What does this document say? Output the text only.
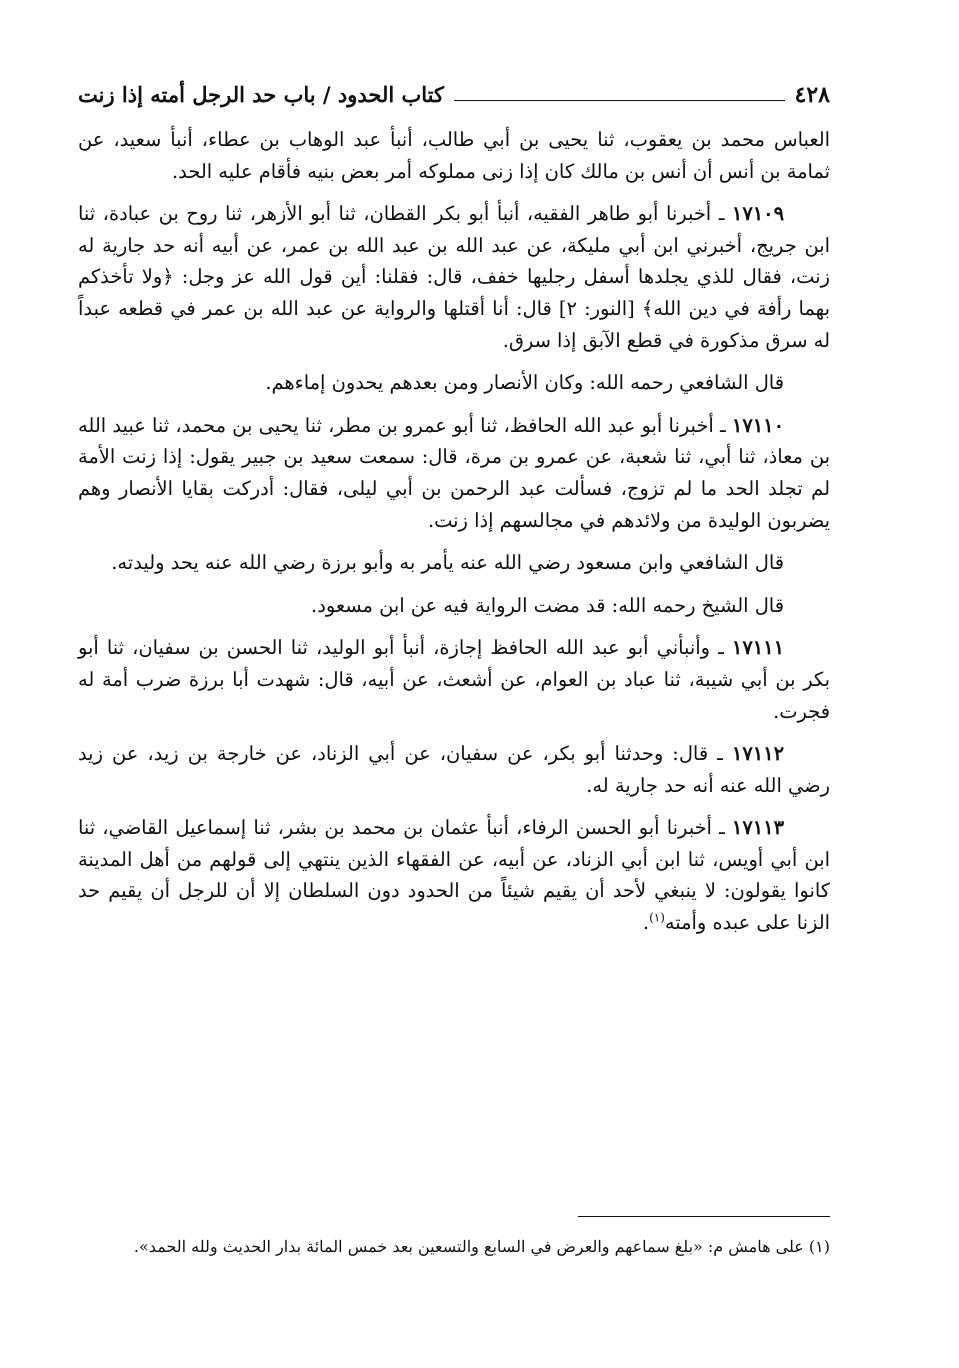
٤٢٨
كتاب الحدود / باب حد الرجل أمته إذا زنت

العباس محمد بن يعقوب، ثنا يحيى بن أبي طالب، أنبأ عبد الوهاب بن عطاء، أنبأ سعيد، عن ثمامة بن أنس أن أنس بن مالك كان إذا زنى مملوكه أمر بعض بنيه فأقام عليه الحد.

١٧١٠٩ ـ أخبرنا أبو طاهر الفقيه، أنبأ أبو بكر القطان، ثنا أبو الأزهر، ثنا روح بن عبادة، ثنا ابن جريج، أخبرني ابن أبي مليكة، عن عبد الله بن عبد الله بن عمر، عن أبيه أنه حد جارية له زنت، فقال للذي يجلدها أسفل رجليها خفف، قال: فقلنا: أين قول الله عز وجل: ﴿ولا تأخذكم بهما رأفة في دين الله﴾ [النور: ٢] قال: أنا أقتلها والرواية عن عبد الله بن عمر في قطعه عبداً له سرق مذكورة في قطع الآبق إذا سرق.

قال الشافعي رحمه الله: وكان الأنصار ومن بعدهم يحدون إماءهم.

١٧١١٠ ـ أخبرنا أبو عبد الله الحافظ، ثنا أبو عمرو بن مطر، ثنا يحيى بن محمد، ثنا عبيد الله بن معاذ، ثنا أبي، ثنا شعبة، عن عمرو بن مرة، قال: سمعت سعيد بن جبير يقول: إذا زنت الأمة لم تجلد الحد ما لم تزوج، فسألت عبد الرحمن بن أبي ليلى، فقال: أدركت بقايا الأنصار وهم يضربون الوليدة من ولائدهم في مجالسهم إذا زنت.

قال الشافعي وابن مسعود رضي الله عنه يأمر به وأبو برزة رضي الله عنه يحد وليدته.

قال الشيخ رحمه الله: قد مضت الرواية فيه عن ابن مسعود.

١٧١١١ ـ وأنبأني أبو عبد الله الحافظ إجازة، أنبأ أبو الوليد، ثنا الحسن بن سفيان، ثنا أبو بكر بن أبي شيبة، ثنا عباد بن العوام، عن أشعث، عن أبيه، قال: شهدت أبا برزة ضرب أمة له فجرت.

١٧١١٢ ـ قال: وحدثنا أبو بكر، عن سفيان، عن أبي الزناد، عن خارجة بن زيد، عن زيد رضي الله عنه أنه حد جارية له.

١٧١١٣ ـ أخبرنا أبو الحسن الرفاء، أنبأ عثمان بن محمد بن بشر، ثنا إسماعيل القاضي، ثنا ابن أبي أويس، ثنا ابن أبي الزناد، عن أبيه، عن الفقهاء الذين ينتهي إلى قولهم من أهل المدينة كانوا يقولون: لا ينبغي لأحد أن يقيم شيئاً من الحدود دون السلطان إلا أن للرجل أن يقيم حد الزنا على عبده وأمته$^{(١)}$.

(١) على هامش م: «بلغ سماعهم والعرض في السابع والتسعين بعد خمس المائة بدار الحديث ولله الحمد».
